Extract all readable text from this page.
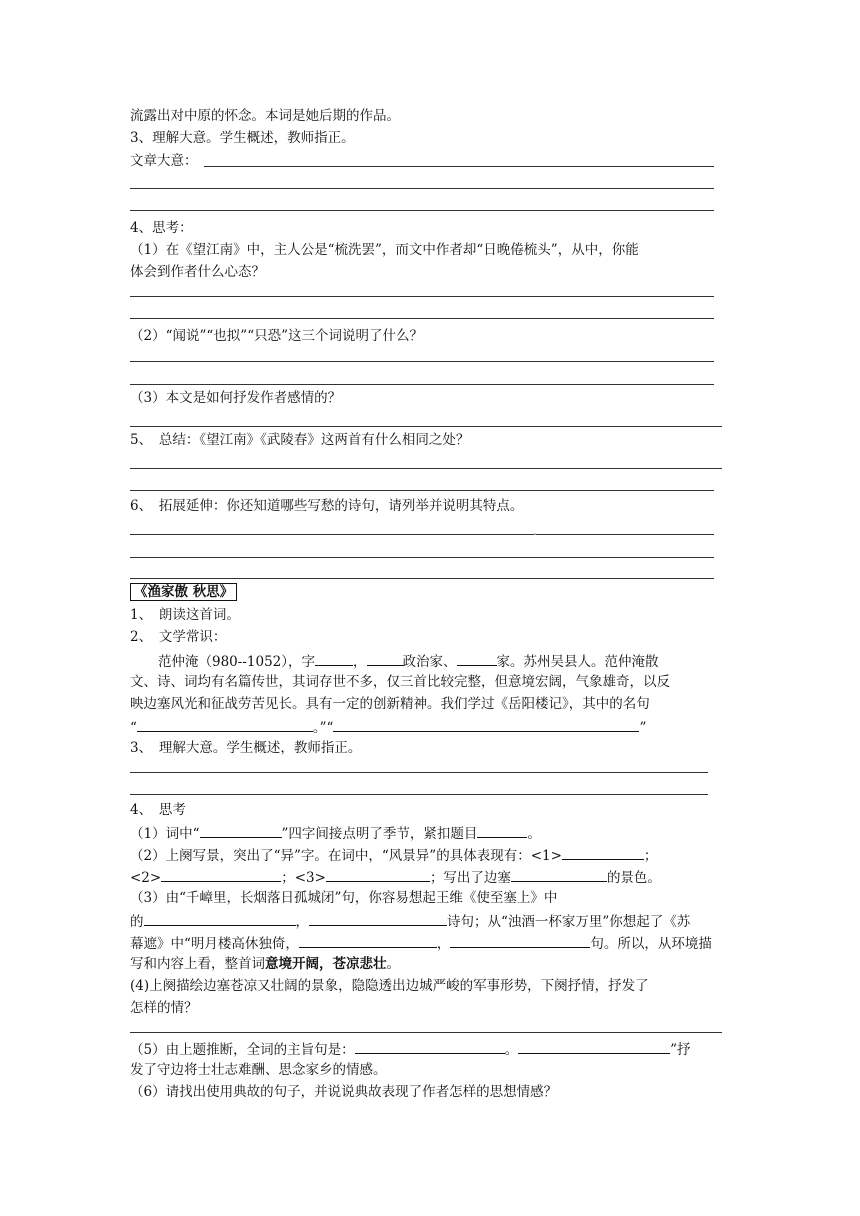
流露出对中原的怀念。本词是她后期的作品。
3、理解大意。学生概述，教师指正。
文章大意：
4、思考：
（1）在《望江南》中，主人公是“梳洗罢”，而文中作者却“日晚倦梳头”，从中，你能
体会到作者什么心态？
（2）“闻说”“也拟”“只恐”这三个词说明了什么？
（3）本文是如何抒发作者感情的？
5、　总结：《望江南》《武陵春》这两首有什么相同之处？
6、　拓展延伸：你还知道哪些写愁的诗句，请列举并说明其特点。
《渔家傲 秋思》
1、　朗读这首词。
2、　文学常识：
范仲淹（980--1052），字	，	政治家、	家。苏州吴县人。范仲淹散
文、诗、词均有名篇传世，其词存世不多，仅三首比较完整，但意境宏阔，气象雄奇，以反
映边塞风光和征战劳苦见长。具有一定的创新精神。我们学过《岳阳楼记》，其中的名句
“	。”“	”
3、　理解大意。学生概述，教师指正。
4、　思考
（1）词中“	”四字间接点明了季节，紧扣题目	。
（2）上阕写景，突出了“异”字。在词中，“风景异”的具体表现有：<1>	；
<2>	；<3>	；写出了边塞	的景色。
（3）由“千嶂里，长烟落日孤城闭”句，你容易想起王维《使至塞上》中
的	，	诗句；从“浊酒一杯家万里”你想起了《苏
幕遮》中“明月楼高休独倚，	，	句。所以，从环境描
写和内容上看，整首词意境开阔，苍凉悲壮。
(4)上阕描绘边塞苍凉又壮阔的景象，隐隐透出边城严峻的军事形势，下阕抒情，抒发了
怎样的情？
（5）由上题推断，全词的主旨句是：	。	”抒
发了守边将士壮志难酬、思念家乡的情感。
（6）请找出使用典故的句子，并说说典故表现了作者怎样的思想情感？
